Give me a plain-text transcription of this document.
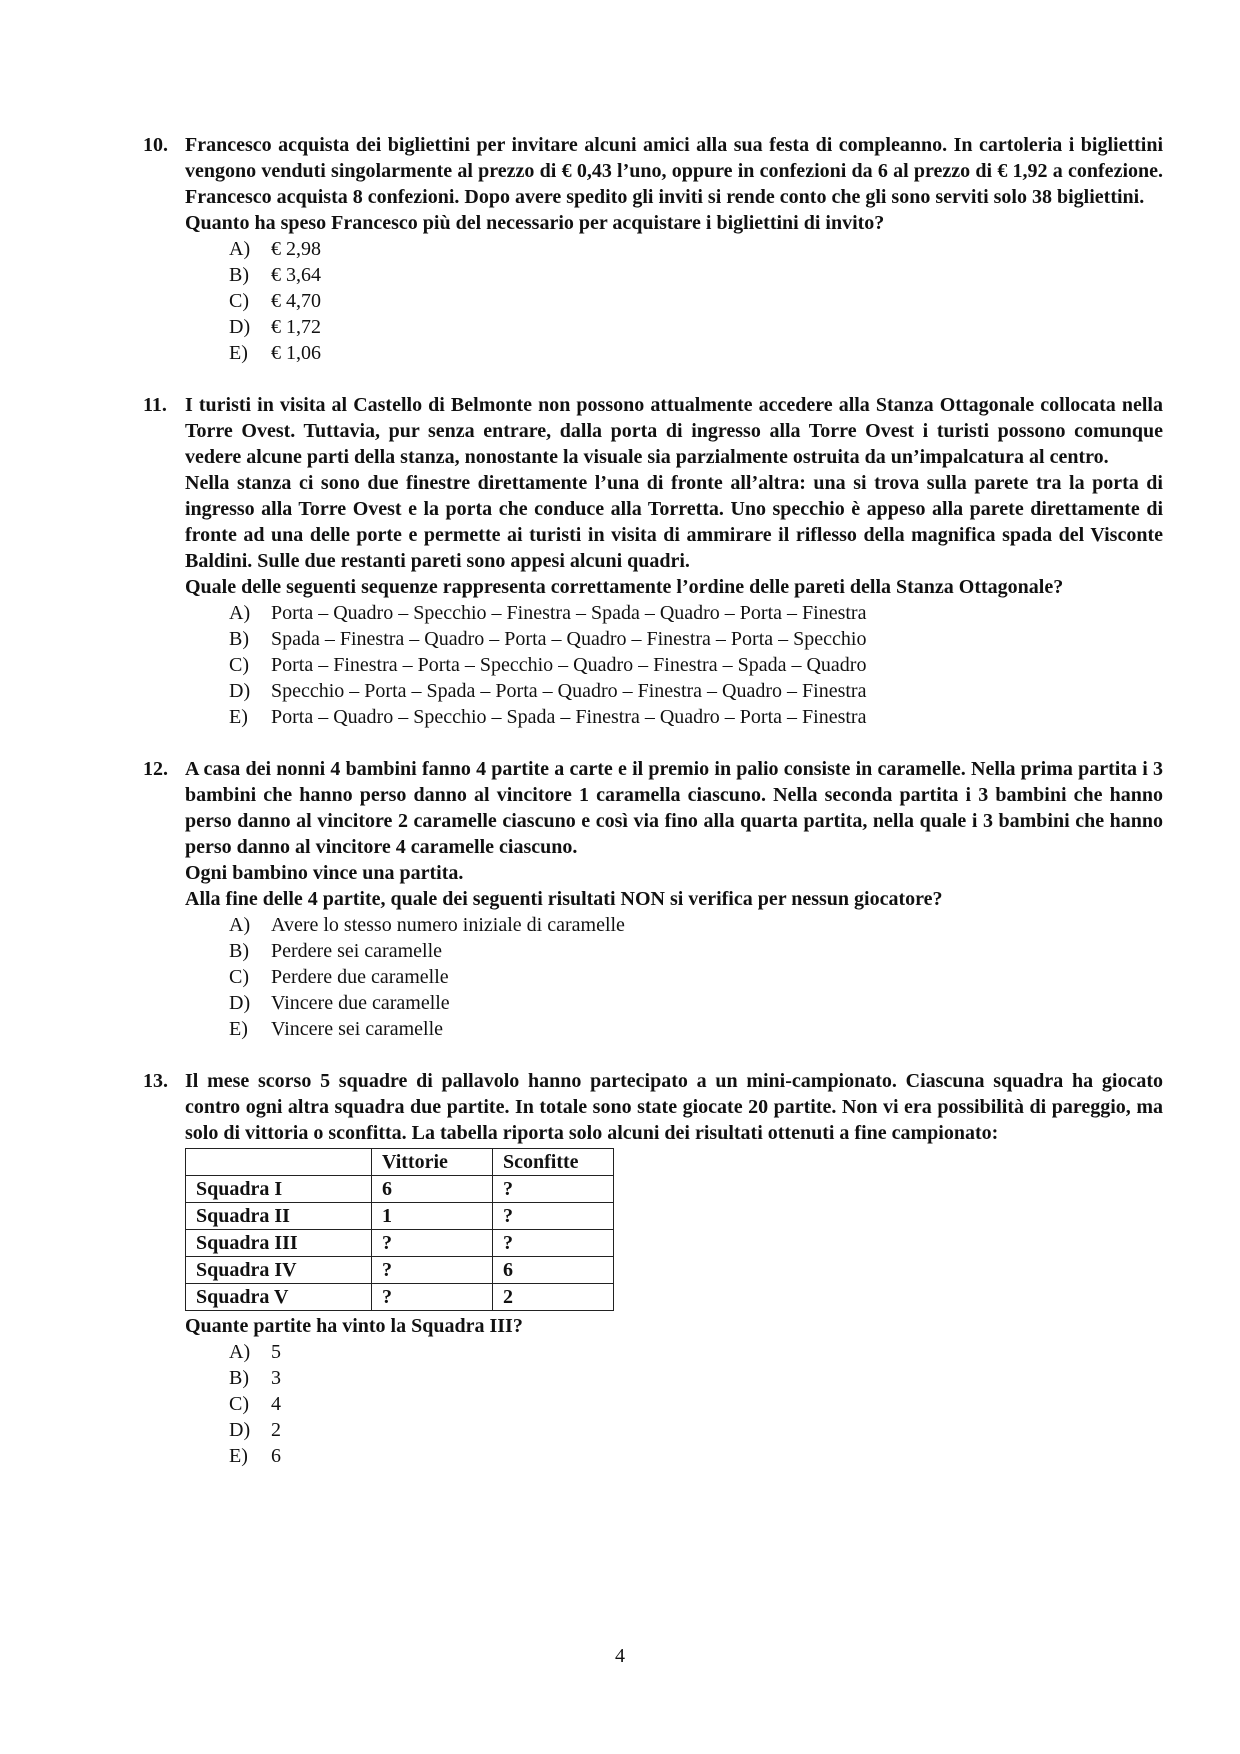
10. Francesco acquista dei bigliettini per invitare alcuni amici alla sua festa di compleanno. In cartoleria i bigliettini vengono venduti singolarmente al prezzo di € 0,43 l’uno, oppure in confezioni da 6 al prezzo di € 1,92 a confezione. Francesco acquista 8 confezioni. Dopo avere spedito gli inviti si rende conto che gli sono serviti solo 38 bigliettini.

Quanto ha speso Francesco più del necessario per acquistare i bigliettini di invito?

A)	€ 2,98
B)	€ 3,64
C)	€ 4,70
D)	€ 1,72
E)	€ 1,06
11. I turisti in visita al Castello di Belmonte non possono attualmente accedere alla Stanza Ottagonale collocata nella Torre Ovest. Tuttavia, pur senza entrare, dalla porta di ingresso alla Torre Ovest i turisti possono comunque vedere alcune parti della stanza, nonostante la visuale sia parzialmente ostruita da un’impalcatura al centro.

Nella stanza ci sono due finestre direttamente l’una di fronte all’altra: una si trova sulla parete tra la porta di ingresso alla Torre Ovest e la porta che conduce alla Torretta. Uno specchio è appeso alla parete direttamente di fronte ad una delle porte e permette ai turisti in visita di ammirare il riflesso della magnifica spada del Visconte Baldini. Sulle due restanti pareti sono appesi alcuni quadri.

Quale delle seguenti sequenze rappresenta correttamente l’ordine delle pareti della Stanza Ottagonale?

A)	Porta – Quadro – Specchio – Finestra – Spada – Quadro – Porta – Finestra
B)	Spada – Finestra – Quadro – Porta – Quadro – Finestra – Porta – Specchio
C)	Porta – Finestra – Porta – Specchio – Quadro – Finestra – Spada – Quadro
D)	Specchio – Porta – Spada – Porta – Quadro – Finestra – Quadro – Finestra
E)	Porta – Quadro – Specchio – Spada – Finestra – Quadro – Porta – Finestra
12. A casa dei nonni 4 bambini fanno 4 partite a carte e il premio in palio consiste in caramelle. Nella prima partita i 3 bambini che hanno perso danno al vincitore 1 caramella ciascuno. Nella seconda partita i 3 bambini che hanno perso danno al vincitore 2 caramelle ciascuno e così via fino alla quarta partita, nella quale i 3 bambini che hanno perso danno al vincitore 4 caramelle ciascuno.

Ogni bambino vince una partita.

Alla fine delle 4 partite, quale dei seguenti risultati NON si verifica per nessun giocatore?

A)	Avere lo stesso numero iniziale di caramelle
B)	Perdere sei caramelle
C)	Perdere due caramelle
D)	Vincere due caramelle
E)	Vincere sei caramelle
13. Il mese scorso 5 squadre di pallavolo hanno partecipato a un mini-campionato. Ciascuna squadra ha giocato contro ogni altra squadra due partite. In totale sono state giocate 20 partite. Non vi era possibilità di pareggio, ma solo di vittoria o sconfitta. La tabella riporta solo alcuni dei risultati ottenuti a fine campionato:

	Vittorie	Sconfitte
Squadra I	6	?
Squadra II	1	?
Squadra III	?	?
Squadra IV	?	6
Squadra V	?	2

Quante partite ha vinto la Squadra III?

A)	5
B)	3
C)	4
D)	2
E)	6
4
